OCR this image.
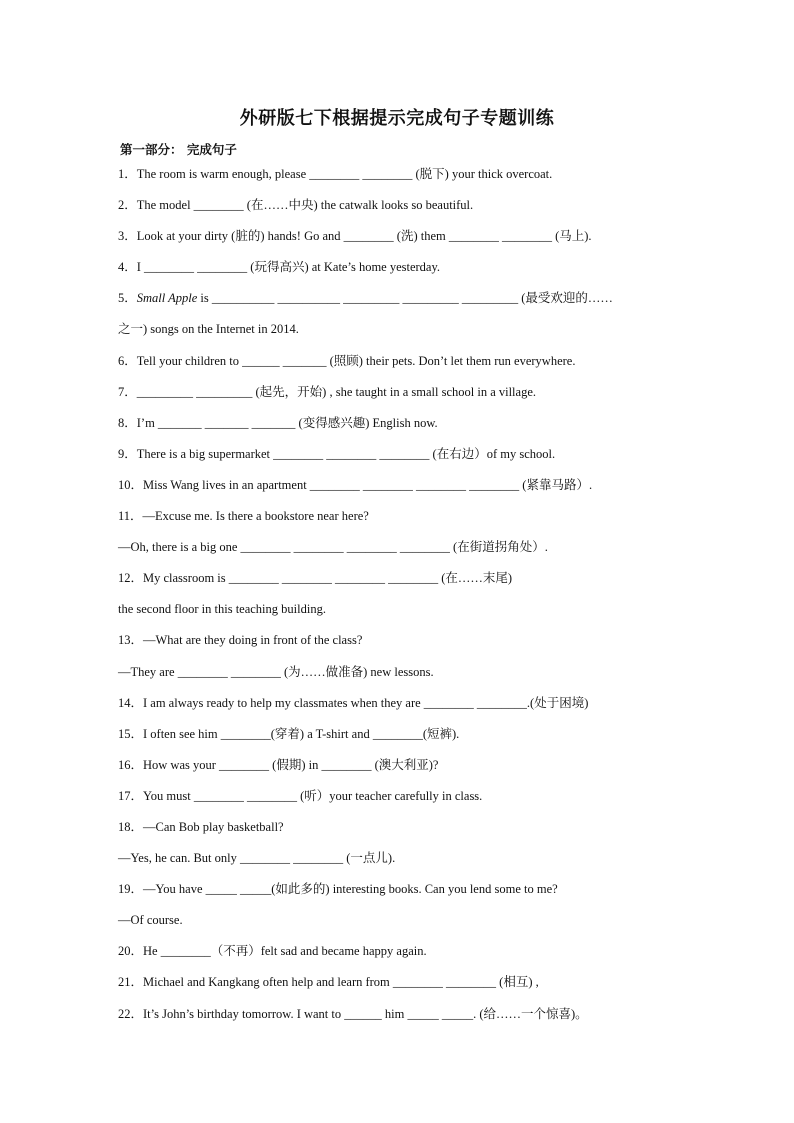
外研版七下根据提示完成句子专题训练
第一部分： 完成句子
1．The room is warm enough, please ________ ________ (脱下) your thick overcoat.
2．The model ________ (在……中央) the catwalk looks so beautiful.
3．Look at your dirty (脏的) hands! Go and ________ (洗) them ________ ________ (马上).
4．I ________ ________ (玩得高兴) at Kate’s home yesterday.
5．Small Apple is __________ __________ _________ _________ _________ (最受欢迎的……
之一) songs on the Internet in 2014.
6．Tell your children to ______ _______ (照顾) their pets. Don’t let them run everywhere.
7．_________ _________ (起先，开始) , she taught in a small school in a village.
8．I’m _______ _______ _______ (变得感兴趣) English now.
9．There is a big supermarket ________ ________ ________ (在右边）of my school.
10．Miss Wang lives in an apartment ________ ________ ________ ________ (紧靠马路）.
11．—Excuse me. Is there a bookstore near here?
—Oh, there is a big one ________ ________ ________ ________ (在街道拐角处）.
12．My classroom is ________ ________ ________ ________ (在……末尾)
the second floor in this teaching building.
13．—What are they doing in front of the class?
—They are ________ ________ (为……做准备) new lessons.
14．I am always ready to help my classmates when they are ________ ________.(处于困境)
15．I often see him ________(穿着) a T-shirt and ________(短裤).
16．How was your ________ (假期) in ________ (澳大利亚)?
17．You must ________ ________ (听）your teacher carefully in class.
18．—Can Bob play basketball?
—Yes, he can. But only ________ ________ (一点儿).
19．—You have _____ _____(如此多的) interesting books. Can you lend some to me?
—Of course.
20．He ________（不再）felt sad and became happy again.
21．Michael and Kangkang often help and learn from ________ ________ (相互) ,
22．It’s John’s birthday tomorrow. I want to ______ him _____ _____. (给……一个惊喜)。
